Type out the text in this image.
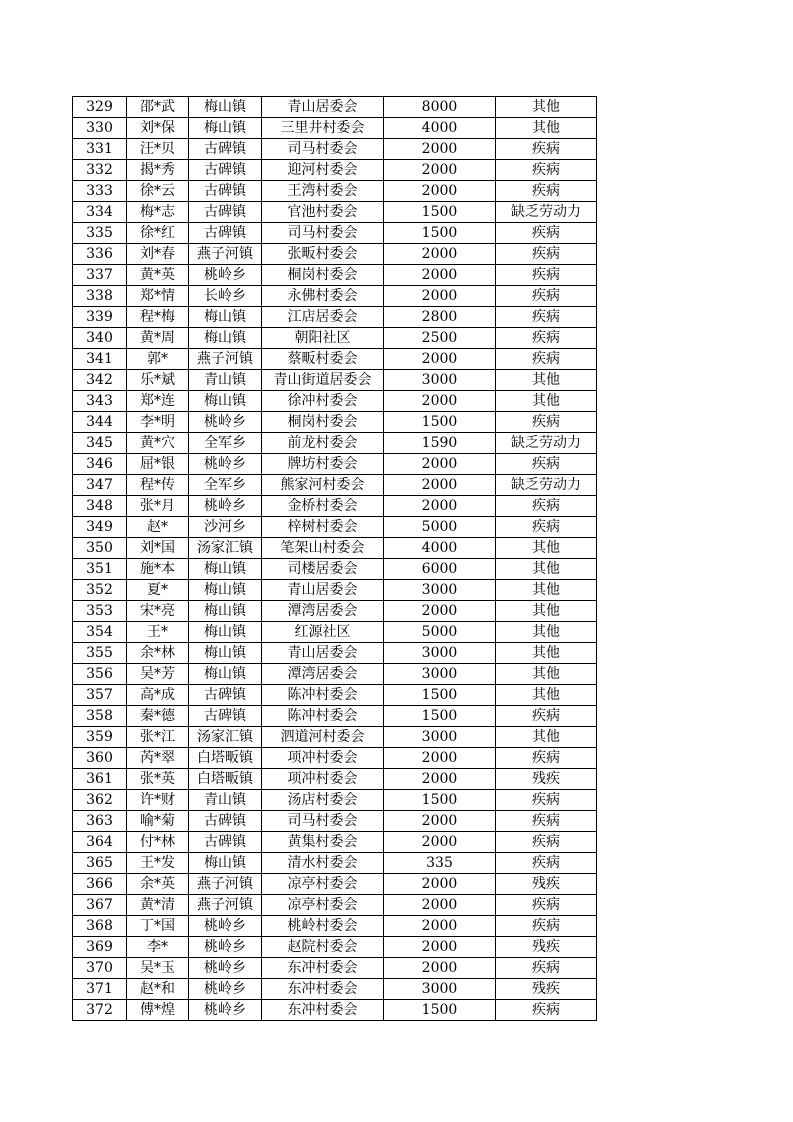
329	邵*武	梅山镇	青山居委会	8000	其他
330	刘*保	梅山镇	三里井村委会	4000	其他
331	汪*贝	古碑镇	司马村委会	2000	疾病
332	揭*秀	古碑镇	迎河村委会	2000	疾病
333	徐*云	古碑镇	王湾村委会	2000	疾病
334	梅*志	古碑镇	官池村委会	1500	缺乏劳动力
335	徐*红	古碑镇	司马村委会	1500	疾病
336	刘*春	燕子河镇	张畈村委会	2000	疾病
337	黄*英	桃岭乡	桐岗村委会	2000	疾病
338	郑*情	长岭乡	永佛村委会	2000	疾病
339	程*梅	梅山镇	江店居委会	2800	疾病
340	黄*周	梅山镇	朝阳社区	2500	疾病
341	郭*	燕子河镇	蔡畈村委会	2000	疾病
342	乐*斌	青山镇	青山街道居委会	3000	其他
343	郑*连	梅山镇	徐冲村委会	2000	其他
344	李*明	桃岭乡	桐岗村委会	1500	疾病
345	黄*穴	全军乡	前龙村委会	1590	缺乏劳动力
346	屈*银	桃岭乡	牌坊村委会	2000	疾病
347	程*传	全军乡	熊家河村委会	2000	缺乏劳动力
348	张*月	桃岭乡	金桥村委会	2000	疾病
349	赵*	沙河乡	梓树村委会	5000	疾病
350	刘*国	汤家汇镇	笔架山村委会	4000	其他
351	施*本	梅山镇	司楼居委会	6000	其他
352	夏*	梅山镇	青山居委会	3000	其他
353	宋*亮	梅山镇	潭湾居委会	2000	其他
354	王*	梅山镇	红源社区	5000	其他
355	余*林	梅山镇	青山居委会	3000	其他
356	吴*芳	梅山镇	潭湾居委会	3000	其他
357	高*成	古碑镇	陈冲村委会	1500	其他
358	秦*德	古碑镇	陈冲村委会	1500	疾病
359	张*江	汤家汇镇	泗道河村委会	3000	其他
360	芮*翠	白塔畈镇	项冲村委会	2000	疾病
361	张*英	白塔畈镇	项冲村委会	2000	残疾
362	许*财	青山镇	汤店村委会	1500	疾病
363	喻*菊	古碑镇	司马村委会	2000	疾病
364	付*林	古碑镇	黄集村委会	2000	疾病
365	王*发	梅山镇	清水村委会	335	疾病
366	余*英	燕子河镇	凉亭村委会	2000	残疾
367	黄*清	燕子河镇	凉亭村委会	2000	疾病
368	丁*国	桃岭乡	桃岭村委会	2000	疾病
369	李*	桃岭乡	赵院村委会	2000	残疾
370	吴*玉	桃岭乡	东冲村委会	2000	疾病
371	赵*和	桃岭乡	东冲村委会	3000	残疾
372	傅*煌	桃岭乡	东冲村委会	1500	疾病
